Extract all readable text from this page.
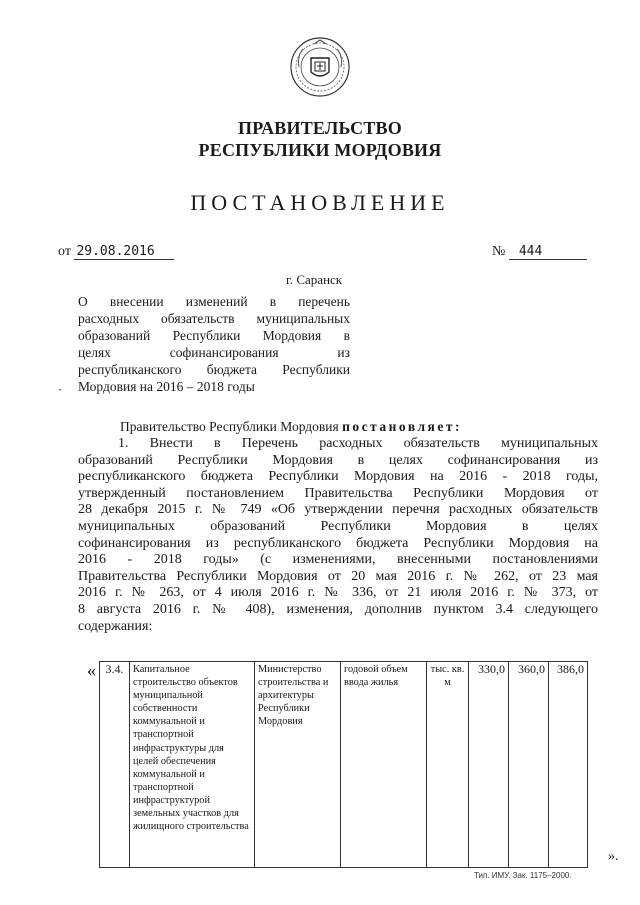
ПРАВИТЕЛЬСТВО
РЕСПУБЛИКИ МОРДОВИЯ
ПОСТАНОВЛЕНИЕ
от 29.08.2016	№ 444
г. Саранск
·
О внесении изменений в перечень
расходных обязательств муниципальных
образований Республики Мордовия в
целях софинансирования из
республиканского бюджета Республики
Мордовия на 2016 – 2018 годы
Правительство Республики Мордовия постановляет:
1. Внести в Перечень расходных обязательств муниципальных
образований Республики Мордовия в целях софинансирования из
республиканского бюджета Республики Мордовия на 2016 - 2018 годы,
утвержденный постановлением Правительства Республики Мордовия от
28 декабря 2015 г. № 749 «Об утверждении перечня расходных обязательств
муниципальных образований Республики Мордовия в целях
софинансирования из республиканского бюджета Республики Мордовия на
2016 - 2018 годы» (с изменениями, внесенными постановлениями
Правительства Республики Мордовия от 20 мая 2016 г. № 262, от 23 мая
2016 г. № 263, от 4 июля 2016 г. № 336, от 21 июля 2016 г. № 373, от
8 августа 2016 г. № 408), изменения, дополнив пунктом 3.4 следующего
содержания:
« 3.4.	Капитальное строительство объектов муниципальной собственности коммунальной и транспортной инфраструктуры для целей обеспечения коммунальной и транспортной инфраструктурой земельных участков для жилищного строительства	Министерство строительства и архитектуры Республики Мордовия	годовой объем ввода жилья	тыс. кв. м	330,0	360,0	386,0
».
Тип. ИМУ. Зак. 1175–2000.
